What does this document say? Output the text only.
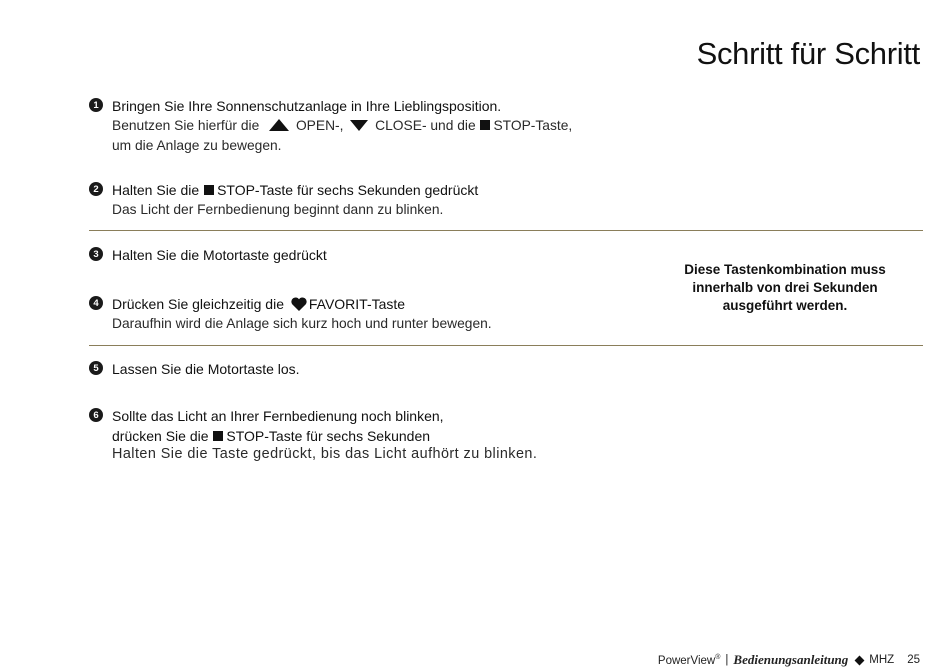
Schritt für Schritt
1 Bringen Sie Ihre Sonnenschutzanlage in Ihre Lieblingsposition.
Benutzen Sie hierfür die	OPEN-, CLOSE- und die STOP-Taste,
um die Anlage zu bewegen.
2 Halten Sie die STOP-Taste für sechs Sekunden gedrückt
Das Licht der Fernbedienung beginnt dann zu blinken.
3 Halten Sie die Motortaste gedrückt
4 Drücken Sie gleichzeitig die FAVORIT-Taste
Daraufhin wird die Anlage sich kurz hoch und runter bewegen.
Diese Tastenkombination muss
innerhalb von drei Sekunden
ausgeführt werden.
5 Lassen Sie die Motortaste los.
6 Sollte das Licht an Ihrer Fernbedienung noch blinken,
drücken Sie die STOP-Taste für sechs Sekunden
Halten Sie die Taste gedrückt, bis das Licht aufhört zu blinken.
PowerView® | Bedienungsanleitung MHZ 25
